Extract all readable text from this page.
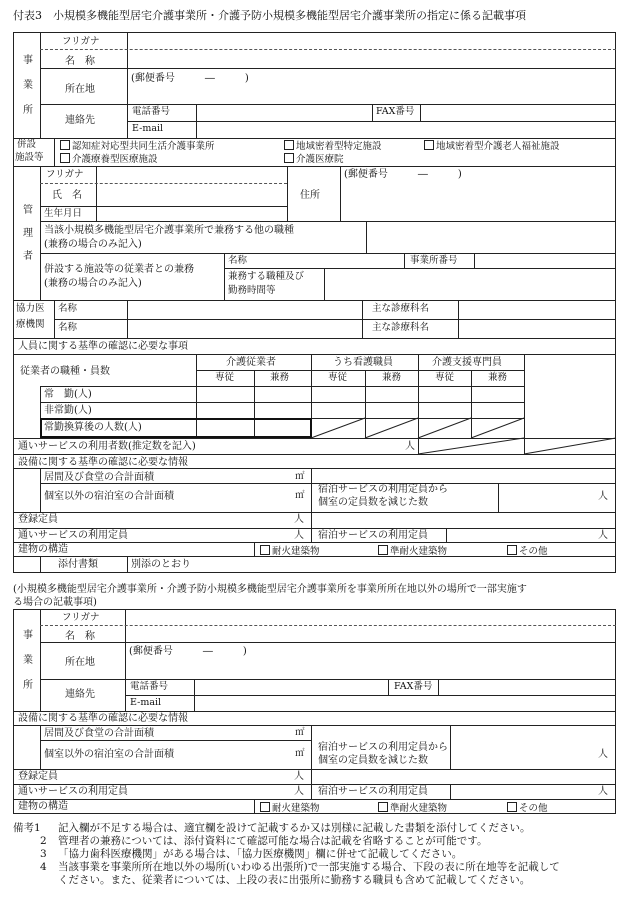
付表3　小規模多機能型居宅介護事業所・介護予防小規模多機能型居宅介護事業所の指定に係る記載事項
事
業
所
フリガナ
名　称
所在地
(郵便番号　　　―　　　)
連絡先
電話番号	FAX番号
E-mail
併設
施設等
認知症対応型共同生活介護事業所	地域密着型特定施設	地域密着型介護老人福祉施設
介護療養型医療施設	介護医療院
管
理
者
フリガナ
氏　名
生年月日
住所
(郵便番号　　　―　　　)
当該小規模多機能型居宅介護事業所で兼務する他の職種
(兼務の場合のみ記入)
併設する施設等の従業者との兼務
(兼務の場合のみ記入)
名称	事業所番号
兼務する職種及び
勤務時間等
協力医
療機関
名称
名称
主な診療科名
主な診療科名
人員に関する基準の確認に必要な事項
従業者の職種・員数
介護従業者	うち看護職員	介護支援専門員
専従	兼務	専従	兼務	専従	兼務
常　勤(人)
非常勤(人)
常勤換算後の人数(人)
通いサービスの利用者数(推定数を記入)	人
設備に関する基準の確認に必要な情報
居間及び食堂の合計面積	㎡
個室以外の宿泊室の合計面積	㎡
宿泊サービスの利用定員から
個室の定員数を減じた数
人
登録定員	人
通いサービスの利用定員	人 宿泊サービスの利用定員	人
建物の構造	耐火建築物	準耐火建築物	その他
添付書類	別添のとおり
(小規模多機能型居宅介護事業所・介護予防小規模多機能型居宅介護事業所を事業所所在地以外の場所で一部実施す
る場合の記載事項)
事
業
所
フリガナ
名　称
所在地
(郵便番号　　　―　　　)
連絡先
電話番号	FAX番号
E-mail
設備に関する基準の確認に必要な情報
居間及び食堂の合計面積	㎡
個室以外の宿泊室の合計面積	㎡
宿泊サービスの利用定員から
個室の定員数を減じた数
人
登録定員	人
通いサービスの利用定員	人 宿泊サービスの利用定員	人
建物の構造	耐火建築物	準耐火建築物	その他
備考1 記入欄が不足する場合は、適宜欄を設けて記載するか又は別様に記載した書類を添付してください。
2 管理者の兼務については、添付資料にて確認可能な場合は記載を省略することが可能です。
3 「協力歯科医療機関」がある場合は、「協力医療機関」欄に併せて記載してください。
4 当該事業を事業所所在地以外の場所(いわゆる出張所)で一部実施する場合、下段の表に所在地等を記載して
ください。また、従業者については、上段の表に出張所に勤務する職員も含めて記載してください。
